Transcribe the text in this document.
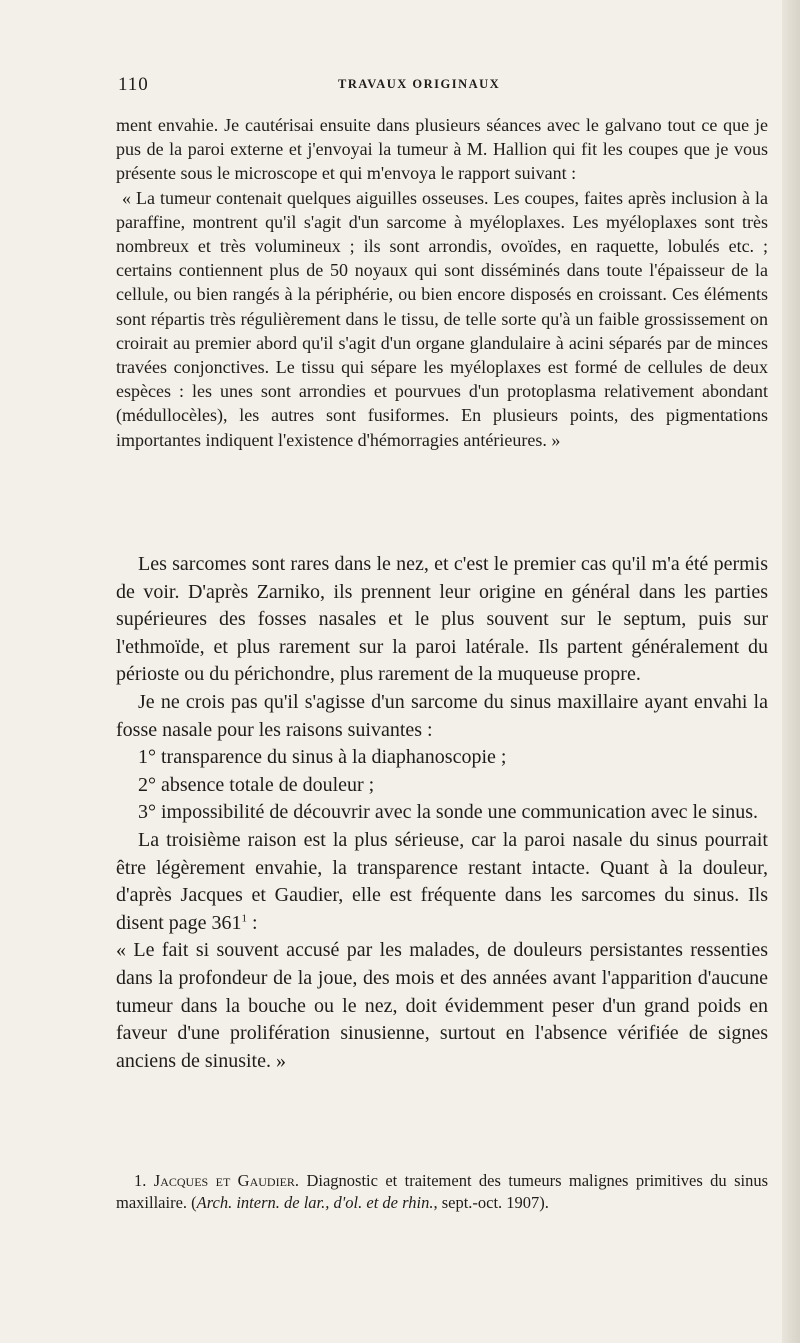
110	TRAVAUX ORIGINAUX

ment envahie. Je cautérisai ensuite dans plusieurs séances avec le galvano tout ce que je pus de la paroi externe et j'envoyai la tumeur à M. Hallion qui fit les coupes que je vous présente sous le microscope et qui m'envoya le rapport suivant :

« La tumeur contenait quelques aiguilles osseuses. Les coupes, faites après inclusion à la paraffine, montrent qu'il s'agit d'un sarcome à myéloplaxes. Les myéloplaxes sont très nombreux et très volumineux ; ils sont arrondis, ovoïdes, en raquette, lobulés etc. ; certains contiennent plus de 50 noyaux qui sont disséminés dans toute l'épaisseur de la cellule, ou bien rangés à la périphérie, ou bien encore disposés en croissant. Ces éléments sont répartis très régulièrement dans le tissu, de telle sorte qu'à un faible grossissement on croirait au premier abord qu'il s'agit d'un organe glandulaire à acini séparés par de minces travées conjonctives. Le tissu qui sépare les myéloplaxes est formé de cellules de deux espèces : les unes sont arrondies et pourvues d'un protoplasma relativement abondant (médullocèles), les autres sont fusiformes. En plusieurs points, des pigmentations importantes indiquent l'existence d'hémorragies antérieures. »

Les sarcomes sont rares dans le nez, et c'est le premier cas qu'il m'a été permis de voir. D'après Zarniko, ils prennent leur origine en général dans les parties supérieures des fosses nasales et le plus souvent sur le septum, puis sur l'ethmoïde, et plus rarement sur la paroi latérale. Ils partent généralement du périoste ou du périchondre, plus rarement de la muqueuse propre.

Je ne crois pas qu'il s'agisse d'un sarcome du sinus maxillaire ayant envahi la fosse nasale pour les raisons suivantes :

1° transparence du sinus à la diaphanoscopie ;

2° absence totale de douleur ;

3° impossibilité de découvrir avec la sonde une communication avec le sinus.

La troisième raison est la plus sérieuse, car la paroi nasale du sinus pourrait être légèrement envahie, la transparence restant intacte. Quant à la douleur, d'après Jacques et Gaudier, elle est fréquente dans les sarcomes du sinus. Ils disent page $361^1$ :

« Le fait si souvent accusé par les malades, de douleurs persistantes ressenties dans la profondeur de la joue, des mois et des années avant l'apparition d'aucune tumeur dans la bouche ou le nez, doit évidemment peser d'un grand poids en faveur d'une prolifération sinusienne, surtout en l'absence vérifiée de signes anciens de sinusite. »

1. Jacques et Gaudier. Diagnostic et traitement des tumeurs malignes primitives du sinus maxillaire. (Arch. intern. de lar., d'ol. et de rhin., sept.-oct. 1907).
